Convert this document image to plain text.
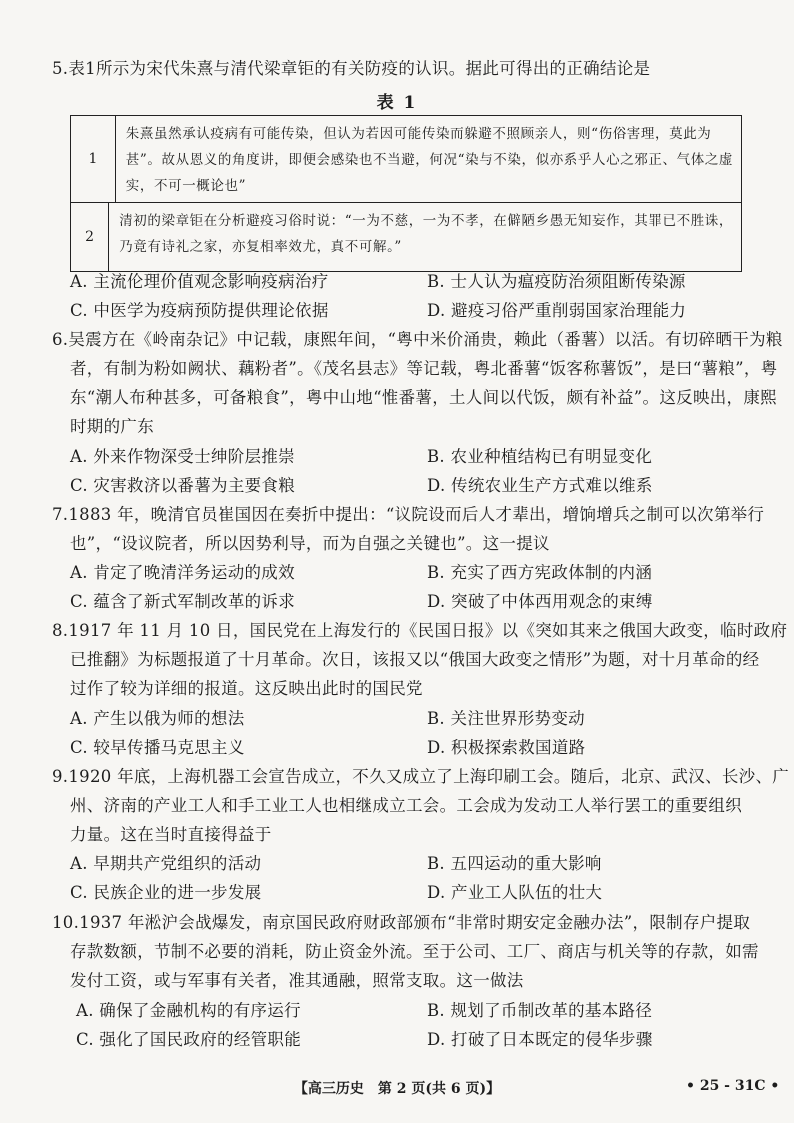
5.表1所示为宋代朱熹与清代梁章钜的有关防疫的认识。据此可得出的正确结论是
表 1
1
朱熹虽然承认疫病有可能传染，但认为若因可能传染而躲避不照顾亲人，则“伤俗害理，莫此为
甚”。故从恩义的角度讲，即便会感染也不当避，何况“染与不染，似亦系乎人心之邪正、气体之虚
实，不可一概论也”
2
清初的梁章钜在分析避疫习俗时说：“一为不慈，一为不孝，在僻陋乡愚无知妄作，其罪已不胜诛，
乃竟有诗礼之家，亦复相率效尤，真不可解。”
A. 主流伦理价值观念影响疫病治疗	B. 士人认为瘟疫防治须阻断传染源
C. 中医学为疫病预防提供理论依据	D. 避疫习俗严重削弱国家治理能力
6.吴震方在《岭南杂记》中记载，康熙年间，“粤中米价涌贵，赖此（番薯）以活。有切碎晒干为粮
者，有制为粉如阙状、藕粉者”。《茂名县志》等记载，粤北番薯“饭客称薯饭”，是曰“薯粮”，粤
东“潮人布种甚多，可备粮食”，粤中山地“惟番薯，土人间以代饭，颇有补益”。这反映出，康熙
时期的广东
A. 外来作物深受士绅阶层推崇	B. 农业种植结构已有明显变化
C. 灾害救济以番薯为主要食粮	D. 传统农业生产方式难以维系
7.1883 年，晚清官员崔国因在奏折中提出：“议院设而后人才辈出，增饷增兵之制可以次第举行
也”，“设议院者，所以因势利导，而为自强之关键也”。这一提议
A. 肯定了晚清洋务运动的成效	B. 充实了西方宪政体制的内涵
C. 蕴含了新式军制改革的诉求	D. 突破了中体西用观念的束缚
8.1917 年 11 月 10 日，国民党在上海发行的《民国日报》以《突如其来之俄国大政变，临时政府
已推翻》为标题报道了十月革命。次日，该报又以“俄国大政变之情形”为题，对十月革命的经
过作了较为详细的报道。这反映出此时的国民党
A. 产生以俄为师的想法	B. 关注世界形势变动
C. 较早传播马克思主义	D. 积极探索救国道路
9.1920 年底，上海机器工会宣告成立，不久又成立了上海印刷工会。随后，北京、武汉、长沙、广
州、济南的产业工人和手工业工人也相继成立工会。工会成为发动工人举行罢工的重要组织
力量。这在当时直接得益于
A. 早期共产党组织的活动	B. 五四运动的重大影响
C. 民族企业的进一步发展	D. 产业工人队伍的壮大
10.1937 年淞沪会战爆发，南京国民政府财政部颁布“非常时期安定金融办法”，限制存户提取
存款数额，节制不必要的消耗，防止资金外流。至于公司、工厂、商店与机关等的存款，如需
发付工资，或与军事有关者，准其通融，照常支取。这一做法
A. 确保了金融机构的有序运行	B. 规划了币制改革的基本路径
C. 强化了国民政府的经管职能	D. 打破了日本既定的侵华步骤
【高三历史　第 2 页(共 6 页)】	• 25 - 31C •
